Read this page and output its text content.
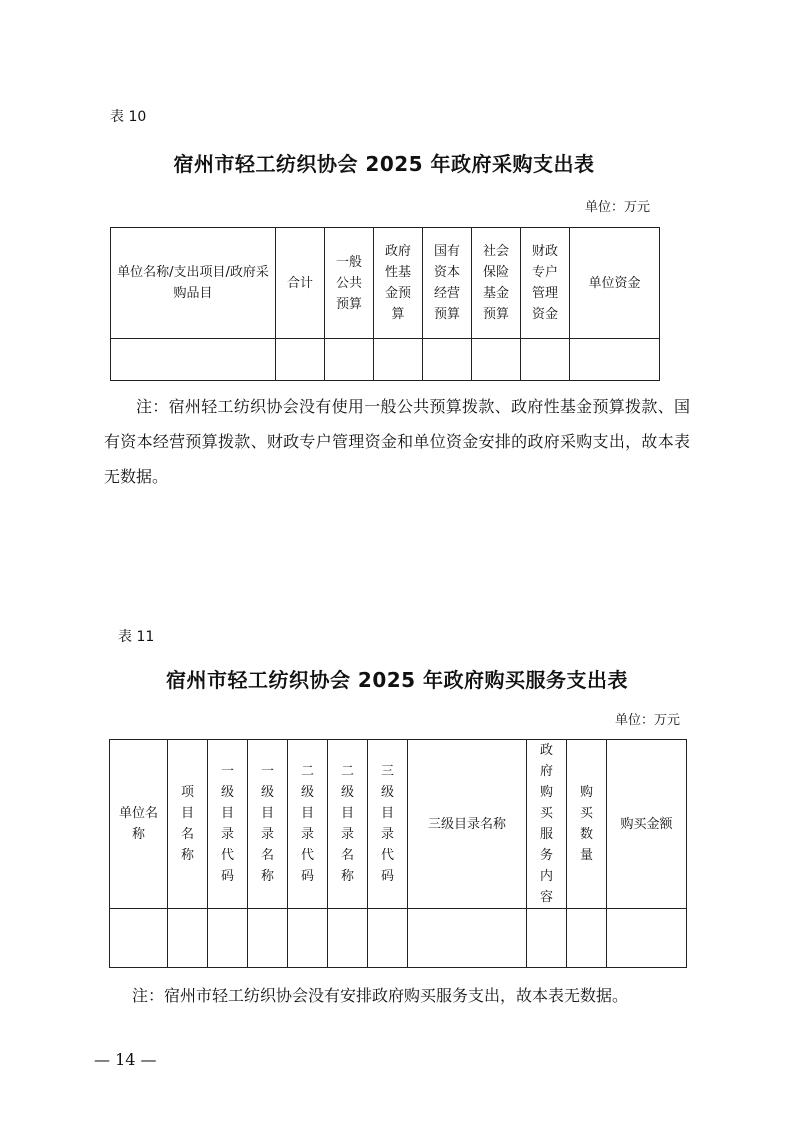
表 10
宿州市轻工纺织协会 2025 年政府采购支出表
单位：万元
单位名称/支出项目/政府采购品目	合计	一般公共预算	政府性基金预算	国有资本经营预算	社会保险基金预算	财政专户管理资金	单位资金

注：宿州轻工纺织协会没有使用一般公共预算拨款、政府性基金预算拨款、国有资本经营预算拨款、财政专户管理资金和单位资金安排的政府采购支出，故本表无数据。
表 11
宿州市轻工纺织协会 2025 年政府购买服务支出表
单位：万元
单位名称	项目名称	一级目录代码	一级目录名称	二级目录代码	二级目录名称	三级目录代码	三级目录名称	政府购买服务内容	购买数量	购买金额

注：宿州市轻工纺织协会没有安排政府购买服务支出，故本表无数据。
— 14 —
